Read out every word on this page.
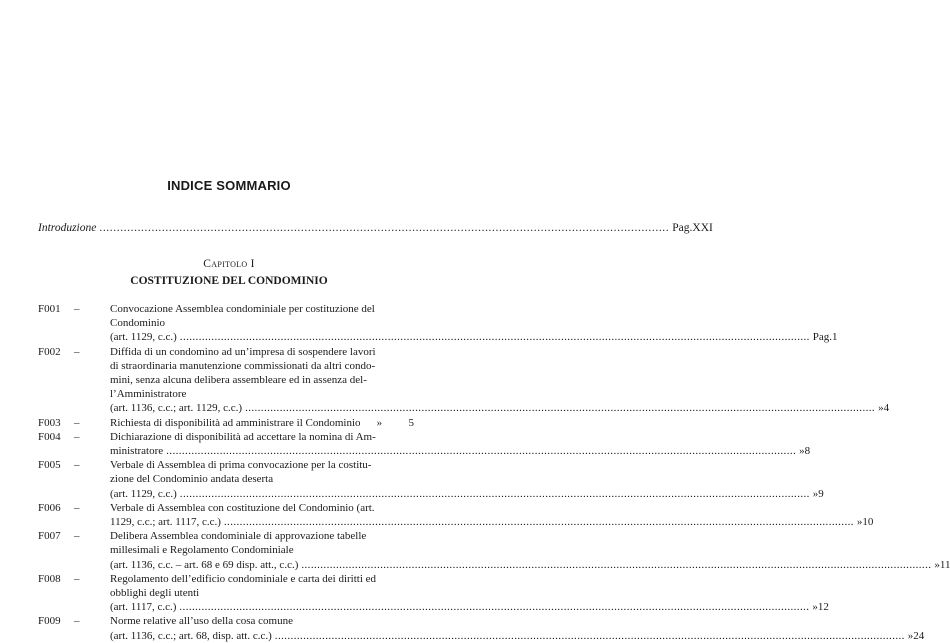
INDICE SOMMARIO
Introduzione .................................................................................................................................................................... Pag. XXI
Capitolo I
COSTITUZIONE DEL CONDOMINIO
F001	–	Convocazione Assemblea condominiale per costituzione del
Condominio
(art. 1129, c.c.) ........................................................................................................................................................................................................ Pag. 1
F002	–	Diffida di un condomino ad un’impresa di sospendere lavori
di straordinaria manutenzione commissionati da altri condo-
mini, senza alcuna delibera assembleare ed in assenza del-
l’Amministratore
(art. 1136, c.c.; art. 1129, c.c.) ........................................................................................................................................................................................................ » 4
F003	–	Richiesta di disponibilità ad amministrare il Condominio	»	5
F004	–	Dichiarazione di disponibilità ad accettare la nomina di Am-
ministratore ........................................................................................................................................................................................................ » 8
F005	–	Verbale di Assemblea di prima convocazione per la costitu-
zione del Condominio andata deserta
(art. 1129, c.c.) ........................................................................................................................................................................................................ » 9
F006	–	Verbale di Assemblea con costituzione del Condominio (art.
1129, c.c.; art. 1117, c.c.) ........................................................................................................................................................................................................ » 10
F007	–	Delibera Assemblea condominiale di approvazione tabelle
millesimali e Regolamento Condominiale
(art. 1136, c.c. – art. 68 e 69 disp. att., c.c.) ........................................................................................................................................................................................................ » 11
F008	–	Regolamento dell’edificio condominiale e carta dei diritti ed
obblighi degli utenti
(art. 1117, c.c.) ........................................................................................................................................................................................................ » 12
F009	–	Norme relative all’uso della cosa comune
(art. 1136, c.c.; art. 68, disp. att. c.c.) ........................................................................................................................................................................................................ » 24
